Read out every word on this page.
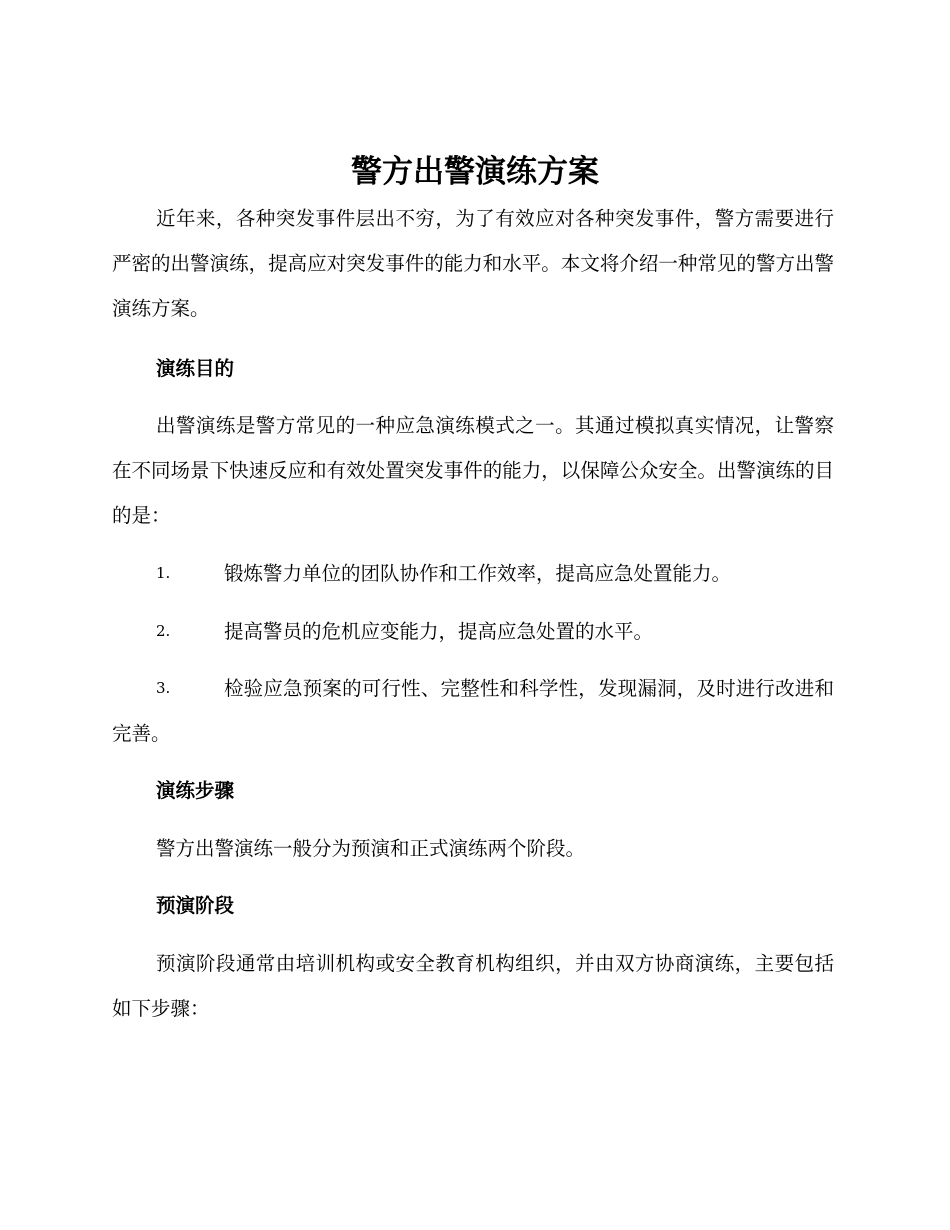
警方出警演练方案

近年来，各种突发事件层出不穷，为了有效应对各种突发事件，警方需要进行严密的出警演练，提高应对突发事件的能力和水平。本文将介绍一种常见的警方出警演练方案。

演练目的

出警演练是警方常见的一种应急演练模式之一。其通过模拟真实情况，让警察在不同场景下快速反应和有效处置突发事件的能力，以保障公众安全。出警演练的目的是：

1.	锻炼警力单位的团队协作和工作效率，提高应急处置能力。
2.	提高警员的危机应变能力，提高应急处置的水平。
3.	检验应急预案的可行性、完整性和科学性，发现漏洞，及时进行改进和完善。
演练步骤

警方出警演练一般分为预演和正式演练两个阶段。

预演阶段

预演阶段通常由培训机构或安全教育机构组织，并由双方协商演练，主要包括如下步骤：
